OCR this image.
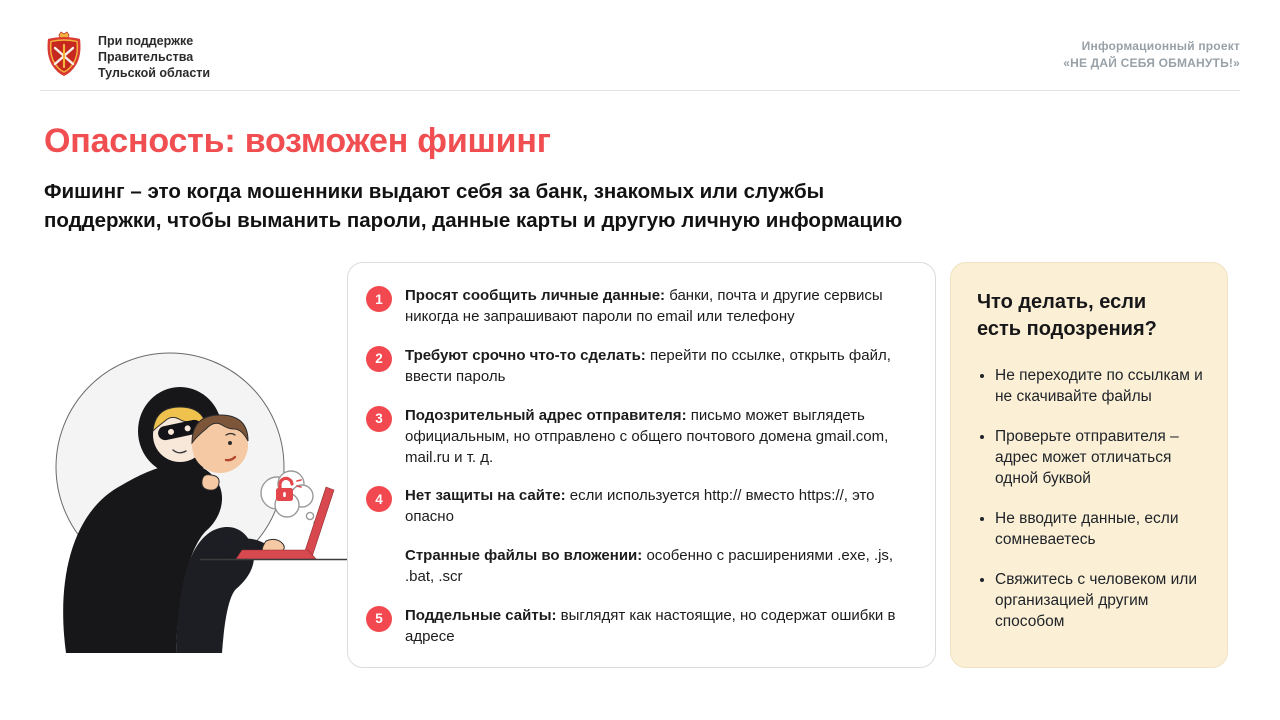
При поддержке
Правительства
Тульской области
Информационный проект
«НЕ ДАЙ СЕБЯ ОБМАНУТЬ!»
Опасность: возможен фишинг
Фишинг – это когда мошенники выдают себя за банк, знакомых или службы
поддержки, чтобы выманить пароли, данные карты и другую личную информацию
1	Просят сообщить личные данные: банки, почта и другие сервисы никогда не запрашивают пароли по email или телефону

2	Требуют срочно что-то сделать: перейти по ссылке, открыть файл, ввести пароль

3	Подозрительный адрес отправителя: письмо может выглядеть официальным, но отправлено с общего почтового домена gmail.com, mail.ru и т. д.

4	Нет защиты на сайте: если используется http:// вместо https://, это опасно

Странные файлы во вложении: особенно с расширениями .exe, .js, .bat, .scr

5	Поддельные сайты: выглядят как настоящие, но содержат ошибки в адресе

Что делать, если
есть подозрения?
• Не переходите по ссылкам и не скачивайте файлы
• Проверьте отправителя – адрес может отличаться одной буквой
• Не вводите данные, если сомневаетесь
• Свяжитесь с человеком или организацией другим способом
